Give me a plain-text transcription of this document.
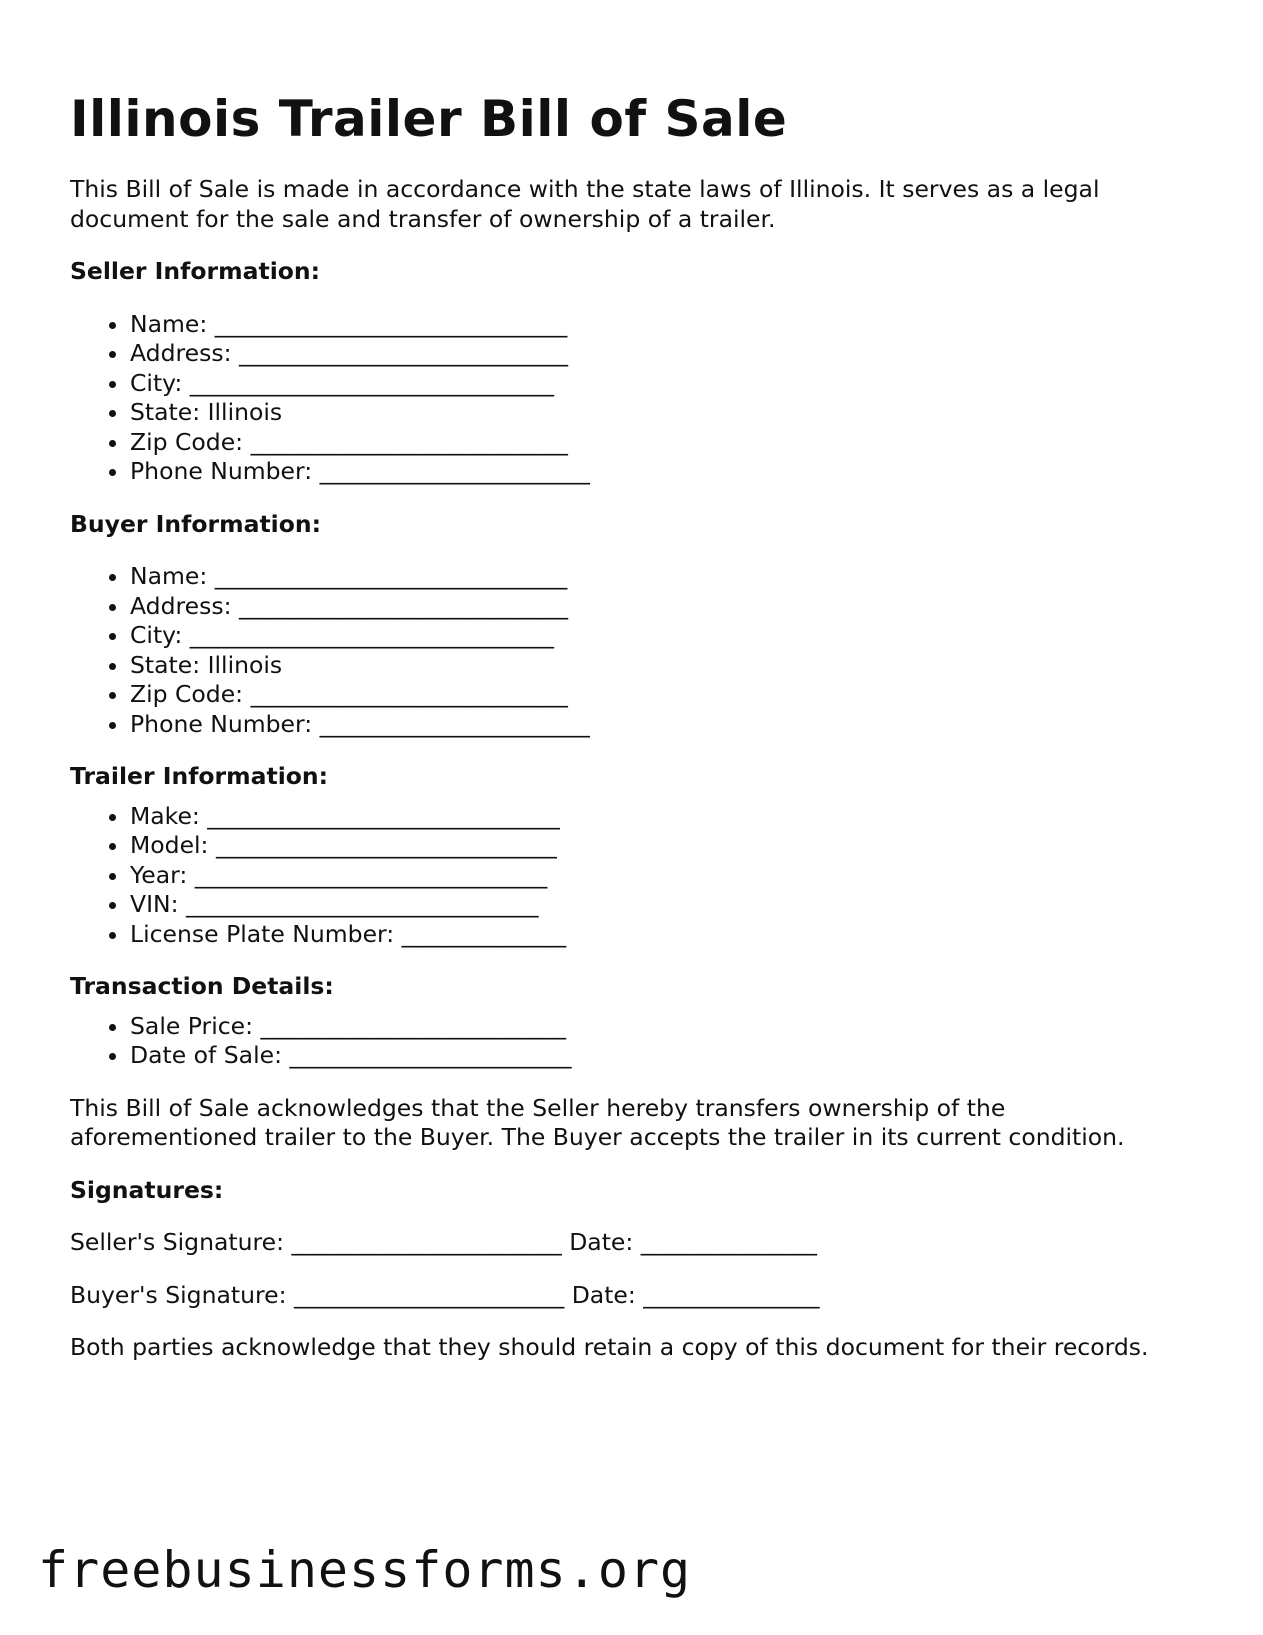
Illinois Trailer Bill of Sale

This Bill of Sale is made in accordance with the state laws of Illinois. It serves as a legal document for the sale and transfer of ownership of a trailer.

Seller Information:
• Name: ______________________________
• Address: ____________________________
• City: _______________________________
• State: Illinois
• Zip Code: ___________________________
• Phone Number: _______________________
Buyer Information:
• Name: ______________________________
• Address: ____________________________
• City: _______________________________
• State: Illinois
• Zip Code: ___________________________
• Phone Number: _______________________
Trailer Information:
• Make: ______________________________
• Model: _____________________________
• Year: ______________________________
• VIN: ______________________________
• License Plate Number: ______________
Transaction Details:
• Sale Price: __________________________
• Date of Sale: ________________________

This Bill of Sale acknowledges that the Seller hereby transfers ownership of the aforementioned trailer to the Buyer. The Buyer accepts the trailer in its current condition.

Signatures:
Seller's Signature: _______________________ Date: _______________
Buyer's Signature: _______________________ Date: _______________

Both parties acknowledge that they should retain a copy of this document for their records.

freebusinessforms.org
